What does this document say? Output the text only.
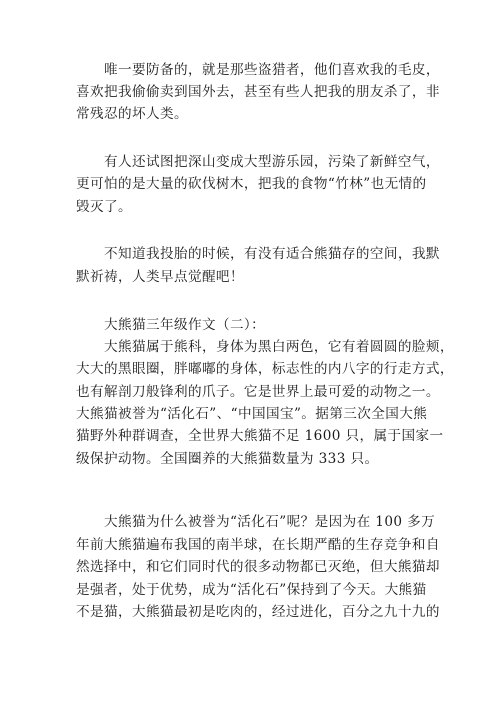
唯一要防备的，就是那些盗猎者，他们喜欢我的毛皮，
喜欢把我偷偷卖到国外去，甚至有些人把我的朋友杀了，非
常残忍的坏人类。
有人还试图把深山变成大型游乐园，污染了新鲜空气，
更可怕的是大量的砍伐树木，把我的食物“竹林”也无情的
毁灭了。
不知道我投胎的时候，有没有适合熊猫存的空间，我默
默祈祷，人类早点觉醒吧！
大熊猫三年级作文（二）：
大熊猫属于熊科，身体为黑白两色，它有着圆圆的脸颊，
大大的黑眼圈，胖嘟嘟的身体，标志性的内八字的行走方式，
也有解剖刀般锋利的爪子。它是世界上最可爱的动物之一。
大熊猫被誉为“活化石”、“中国国宝”。据第三次全国大熊
猫野外种群调查，全世界大熊猫不足 1600 只，属于国家一
级保护动物。全国圈养的大熊猫数量为 333 只。
大熊猫为什么被誉为“活化石”呢？是因为在 100 多万
年前大熊猫遍布我国的南半球，在长期严酷的生存竞争和自
然选择中，和它们同时代的很多动物都已灭绝，但大熊猫却
是强者，处于优势，成为“活化石”保持到了今天。大熊猫
不是猫，大熊猫最初是吃肉的，经过进化，百分之九十九的
